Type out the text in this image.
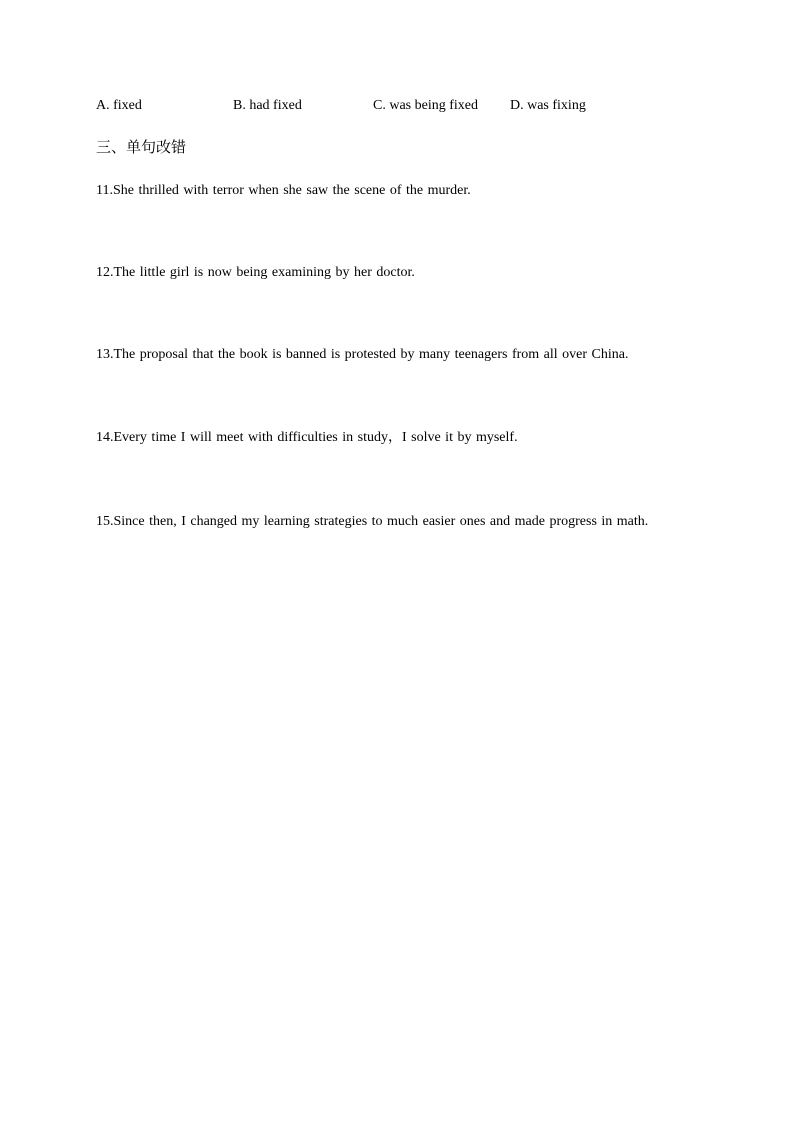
A. fixed	B. had fixed	C. was being fixed D. was fixing
三、单句改错
11.She thrilled with terror when she saw the scene of the murder.
12.The little girl is now being examining by her doctor.
13.The proposal that the book is banned is protested by many teenagers from all over China.
14.Every time I will meet with difficulties in study，I solve it by myself.
15.Since then, I changed my learning strategies to much easier ones and made progress in math.
